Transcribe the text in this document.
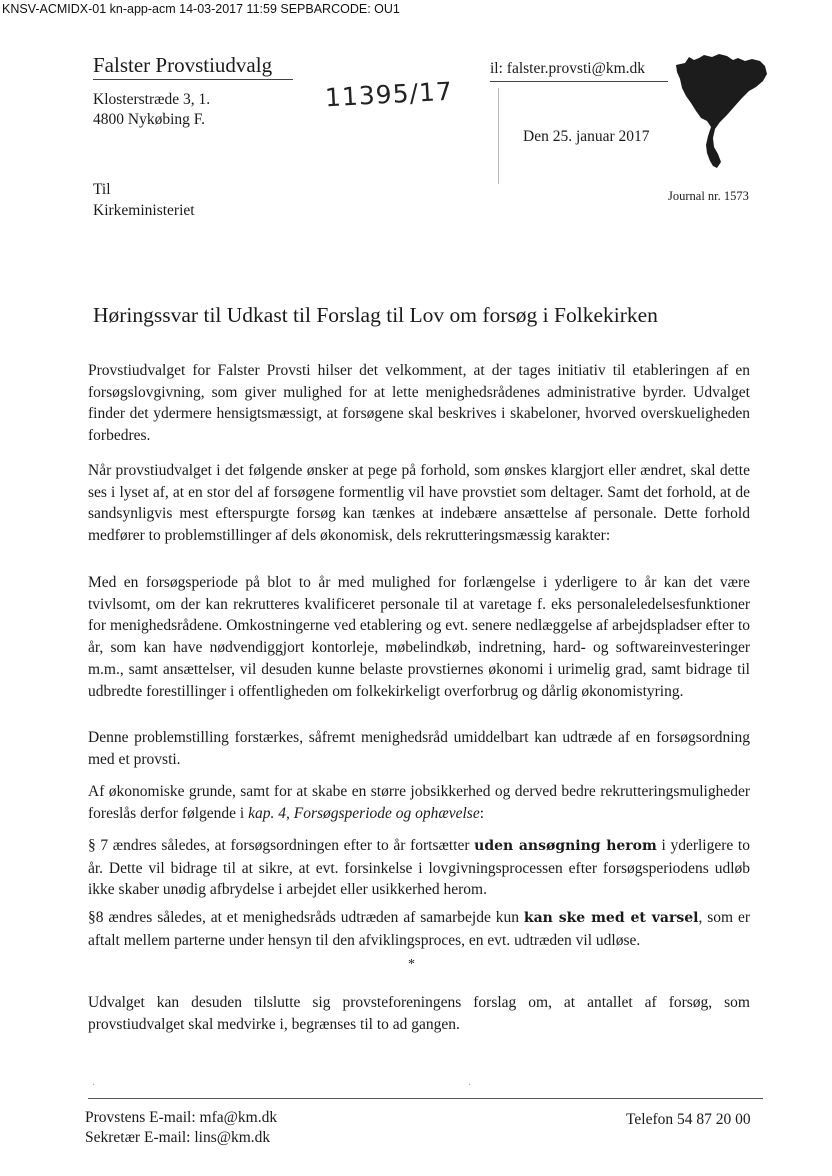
KNSV-ACMIDX-01 kn-app-acm 14-03-2017 11:59 SEPBARCODE: OU1
Falster Provstiudvalg
Klosterstræde 3, 1.
4800 Nykøbing F.
11395/17
il: falster.provsti@km.dk
Den 25. januar 2017
Til
Kirkeministeriet
Journal nr. 1573
Høringssvar til Udkast til Forslag til Lov om forsøg i Folkekirken

Provstiudvalget for Falster Provsti hilser det velkomment, at der tages initiativ til etableringen af en forsøgslovgivning, som giver mulighed for at lette menighedsrådenes administrative byrder. Udvalget finder det ydermere hensigtsmæssigt, at forsøgene skal beskrives i skabeloner, hvorved overskueligheden forbedres.

Når provstiudvalget i det følgende ønsker at pege på forhold, som ønskes klargjort eller ændret, skal dette ses i lyset af, at en stor del af forsøgene formentlig vil have provstiet som deltager. Samt det forhold, at de sandsynligvis mest efterspurgte forsøg kan tænkes at indebære ansættelse af personale. Dette forhold medfører to problemstillinger af dels økonomisk, dels rekrutteringsmæssig karakter:

Med en forsøgsperiode på blot to år med mulighed for forlængelse i yderligere to år kan det være tvivlsomt, om der kan rekrutteres kvalificeret personale til at varetage f. eks personaleledelsesfunktioner for menighedsrådene. Omkostningerne ved etablering og evt. senere nedlæggelse af arbejdspladser efter to år, som kan have nødvendiggjort kontorleje, møbelindkøb, indretning, hard- og softwareinvesteringer m.m., samt ansættelser, vil desuden kunne belaste provstiernes økonomi i urimelig grad, samt bidrage til udbredte forestillinger i offentligheden om folkekirkeligt overforbrug og dårlig økonomistyring.

Denne problemstilling forstærkes, såfremt menighedsråd umiddelbart kan udtræde af en forsøgsordning med et provsti.

Af økonomiske grunde, samt for at skabe en større jobsikkerhed og derved bedre rekrutteringsmuligheder foreslås derfor følgende i kap. 4, Forsøgsperiode og ophævelse:

§ 7 ændres således, at forsøgsordningen efter to år fortsætter uden ansøgning herom i yderligere to år. Dette vil bidrage til at sikre, at evt. forsinkelse i lovgivningsprocessen efter forsøgsperiodens udløb ikke skaber unødig afbrydelse i arbejdet eller usikkerhed herom.

§8 ændres således, at et menighedsråds udtræden af samarbejde kun kan ske med et varsel, som er aftalt mellem parterne under hensyn til den afviklingsproces, en evt. udtræden vil udløse.

*

Udvalget kan desuden tilslutte sig provsteforeningens forslag om, at antallet af forsøg, som provstiudvalget skal medvirke i, begrænses til to ad gangen.

·	·
Provstens E-mail: mfa@km.dk
Sekretær E-mail: lins@km.dk
Telefon 54 87 20 00
